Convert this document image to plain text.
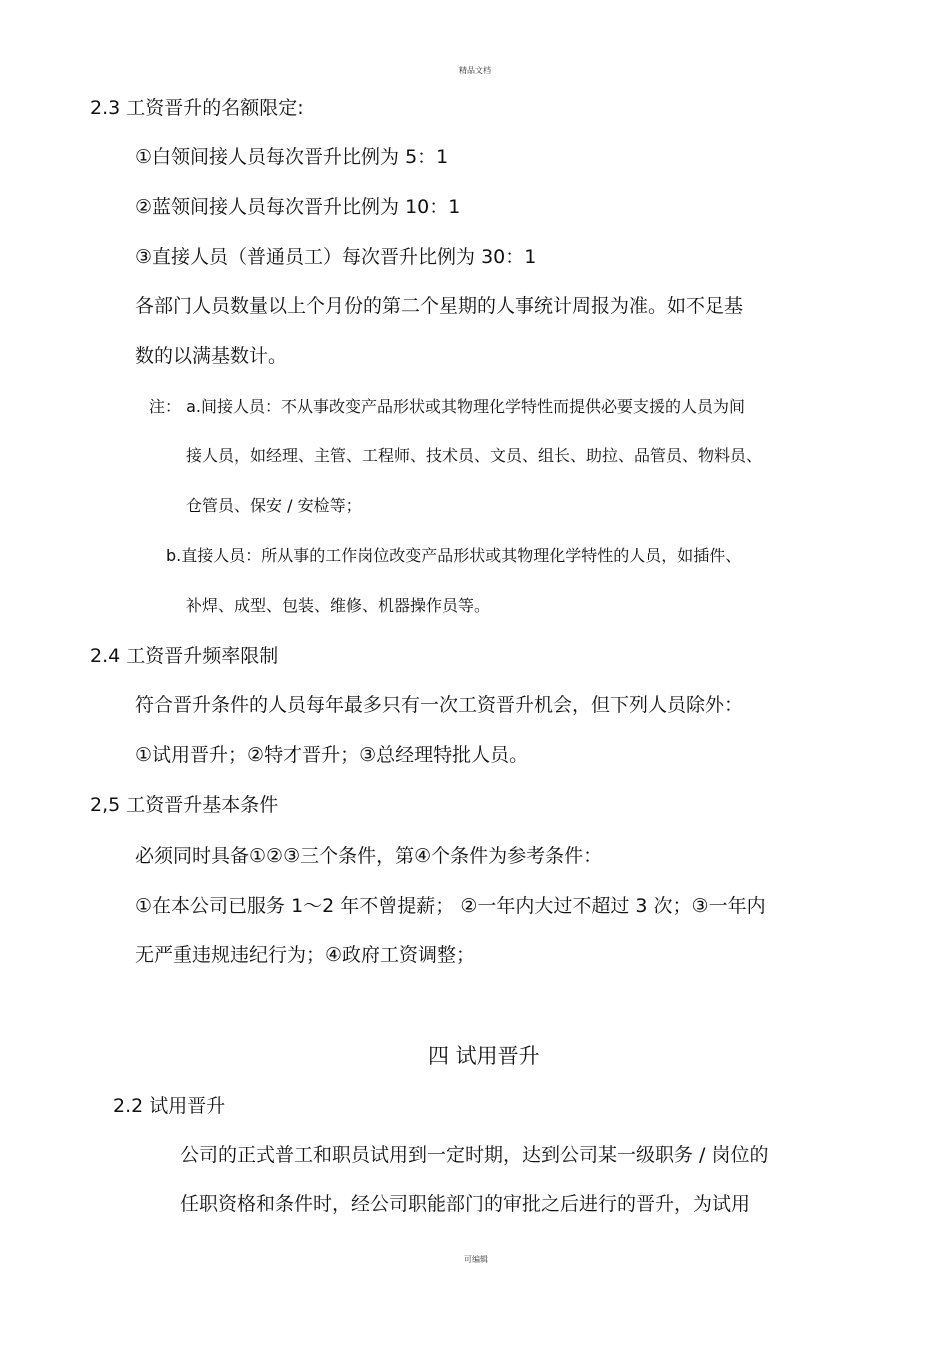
精品文档
2.3 工资晋升的名额限定:
①白领间接人员每次晋升比例为 5：1
②蓝领间接人员每次晋升比例为 10：1
③直接人员（普通员工）每次晋升比例为 30：1
各部门人员数量以上个月份的第二个星期的人事统计周报为准。如不足基
数的以满基数计。
注： a.间接人员：不从事改变产品形状或其物理化学特性而提供必要支援的人员为间
接人员，如经理、主管、工程师、技术员、文员、组长、助拉、品管员、物料员、
仓管员、保安 / 安检等；
b.直接人员：所从事的工作岗位改变产品形状或其物理化学特性的人员，如插件、
补焊、成型、包装、维修、机器操作员等。
2.4 工资晋升频率限制
符合晋升条件的人员每年最多只有一次工资晋升机会，但下列人员除外：
①试用晋升；②特才晋升；③总经理特批人员。
2,5 工资晋升基本条件
必须同时具备①②③三个条件，第④个条件为参考条件：
①在本公司已服务 1～2 年不曾提薪； ②一年内大过不超过 3 次；③一年内
无严重违规违纪行为；④政府工资调整；
四 试用晋升
2.2 试用晋升
公司的正式普工和职员试用到一定时期，达到公司某一级职务 / 岗位的
任职资格和条件时，经公司职能部门的审批之后进行的晋升，为试用
可编辑
